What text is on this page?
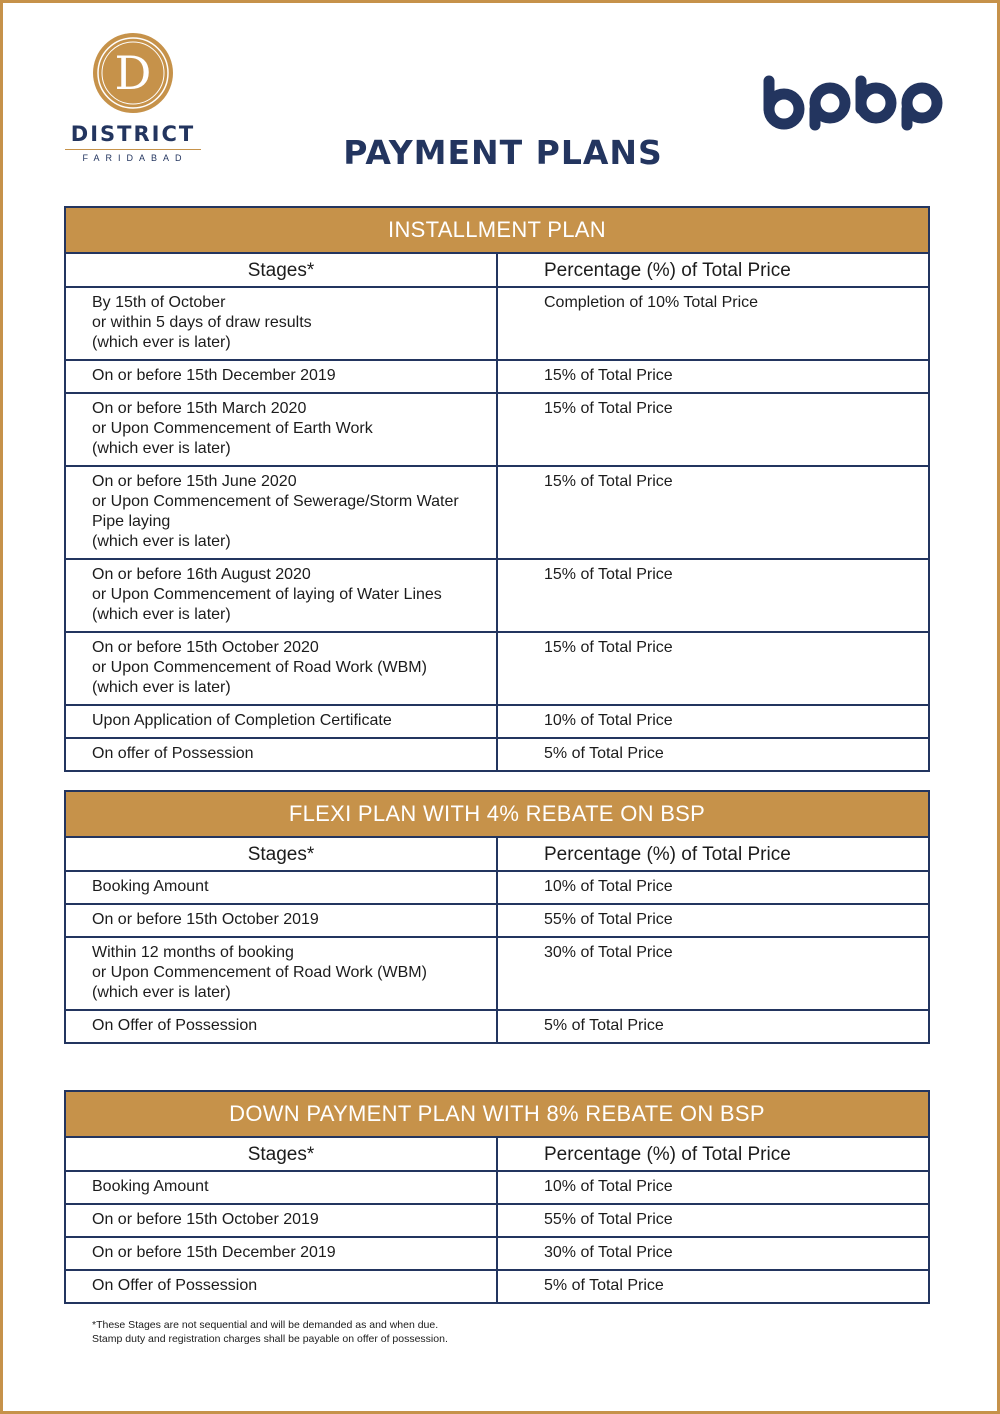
D
DISTRICT
FARIDABAD	PAYMENT PLANS
INSTALLMENT PLAN	
Stages*	Percentage (%) of Total Price

By 15th of October
or within 5 days of draw results
(which ever is later)	Completion of 10% Total Price

On or before 15th December 2019	15% of Total Price

On or before 15th March 2020
or Upon Commencement of Earth Work
(which ever is later)	15% of Total Price

On or before 15th June 2020
or Upon Commencement of Sewerage/Storm Water Pipe laying
(which ever is later)	15% of Total Price

On or before 16th August 2020
or Upon Commencement of laying of Water Lines
(which ever is later)	15% of Total Price

On or before 15th October 2020
or Upon Commencement of Road Work (WBM)
(which ever is later)	15% of Total Price

Upon Application of Completion Certificate	10% of Total Price

On offer of Possession	5% of Total Price
FLEXI PLAN WITH 4% REBATE ON BSP	
Stages*	Percentage (%) of Total Price

Booking Amount	10% of Total Price

On or before 15th October 2019	55% of Total Price

Within 12 months of booking
or Upon Commencement of Road Work (WBM)
(which ever is later)	30% of Total Price

On Offer of Possession	5% of Total Price
DOWN PAYMENT PLAN WITH 8% REBATE ON BSP	
Stages*	Percentage (%) of Total Price

Booking Amount	10% of Total Price

On or before 15th October 2019	55% of Total Price

On or before 15th December 2019	30% of Total Price

On Offer of Possession	5% of Total Price
*These Stages are not sequential and will be demanded as and when due.
Stamp duty and registration charges shall be payable on offer of possession.
